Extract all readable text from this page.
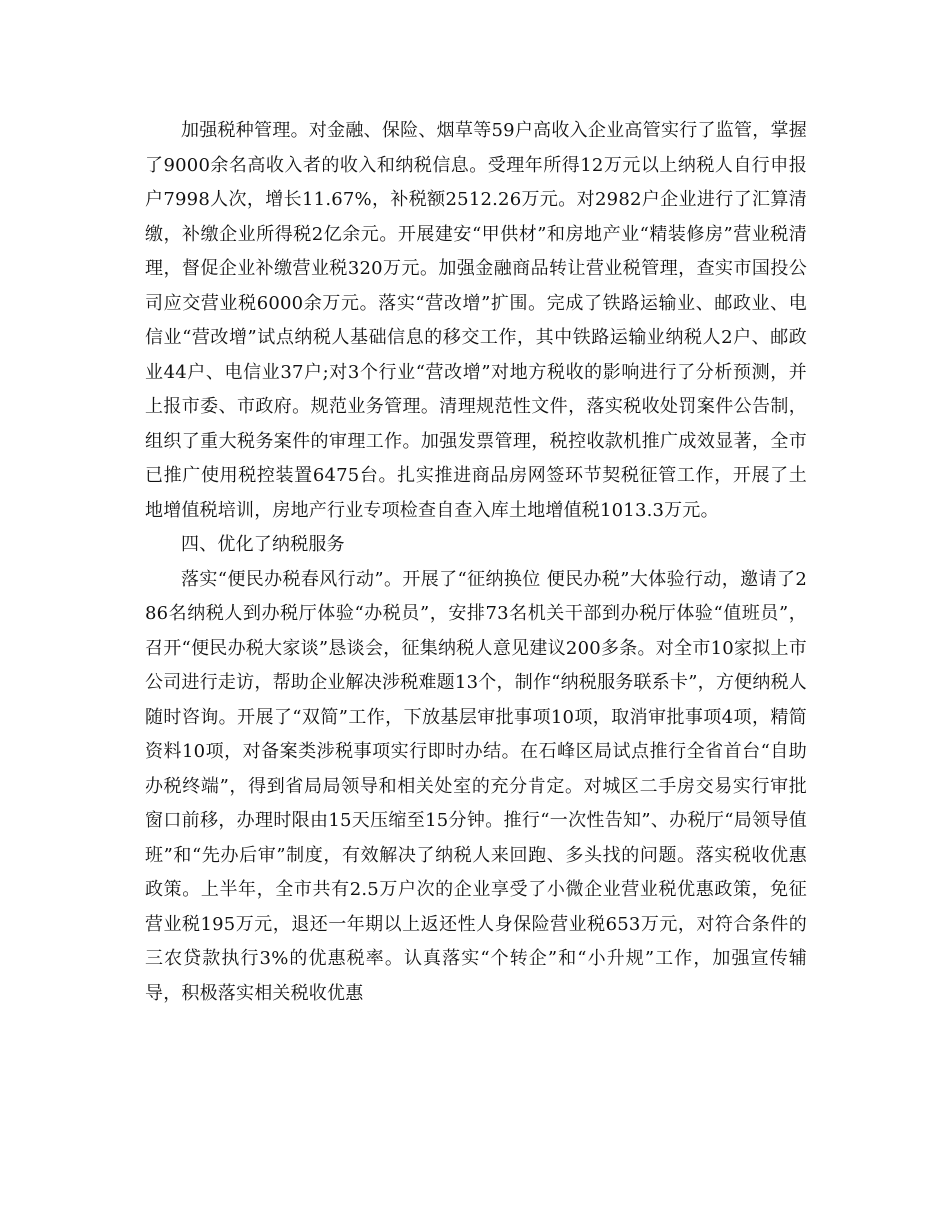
加强税种管理。对金融、保险、烟草等59户高收入企业高管实行了监管，掌握了9000余名高收入者的收入和纳税信息。受理年所得12万元以上纳税人自行申报户7998人次，增长11.67%，补税额2512.26万元。对2982户企业进行了汇算清缴，补缴企业所得税2亿余元。开展建安“甲供材”和房地产业“精装修房”营业税清理，督促企业补缴营业税320万元。加强金融商品转让营业税管理，查实市国投公司应交营业税6000余万元。落实“营改增”扩围。完成了铁路运输业、邮政业、电信业“营改增”试点纳税人基础信息的移交工作，其中铁路运输业纳税人2户、邮政业44户、电信业37户;对3个行业“营改增”对地方税收的影响进行了分析预测，并上报市委、市政府。规范业务管理。清理规范性文件，落实税收处罚案件公告制，组织了重大税务案件的审理工作。加强发票管理，税控收款机推广成效显著，全市已推广使用税控装置6475台。扎实推进商品房网签环节契税征管工作，开展了土地增值税培训，房地产行业专项检查自查入库土地增值税1013.3万元。

四、优化了纳税服务

落实“便民办税春风行动”。开展了“征纳换位 便民办税”大体验行动，邀请了286名纳税人到办税厅体验“办税员”，安排73名机关干部到办税厅体验“值班员”，召开“便民办税大家谈”恳谈会，征集纳税人意见建议200多条。对全市10家拟上市公司进行走访，帮助企业解决涉税难题13个，制作“纳税服务联系卡”，方便纳税人随时咨询。开展了“双简”工作，下放基层审批事项10项，取消审批事项4项，精简资料10项，对备案类涉税事项实行即时办结。在石峰区局试点推行全省首台“自助办税终端”，得到省局局领导和相关处室的充分肯定。对城区二手房交易实行审批窗口前移，办理时限由15天压缩至15分钟。推行“一次性告知”、办税厅“局领导值班”和“先办后审”制度，有效解决了纳税人来回跑、多头找的问题。落实税收优惠政策。上半年，全市共有2.5万户次的企业享受了小微企业营业税优惠政策，免征营业税195万元，退还一年期以上返还性人身保险营业税653万元，对符合条件的三农贷款执行3%的优惠税率。认真落实“个转企”和“小升规”工作，加强宣传辅导，积极落实相关税收优惠
